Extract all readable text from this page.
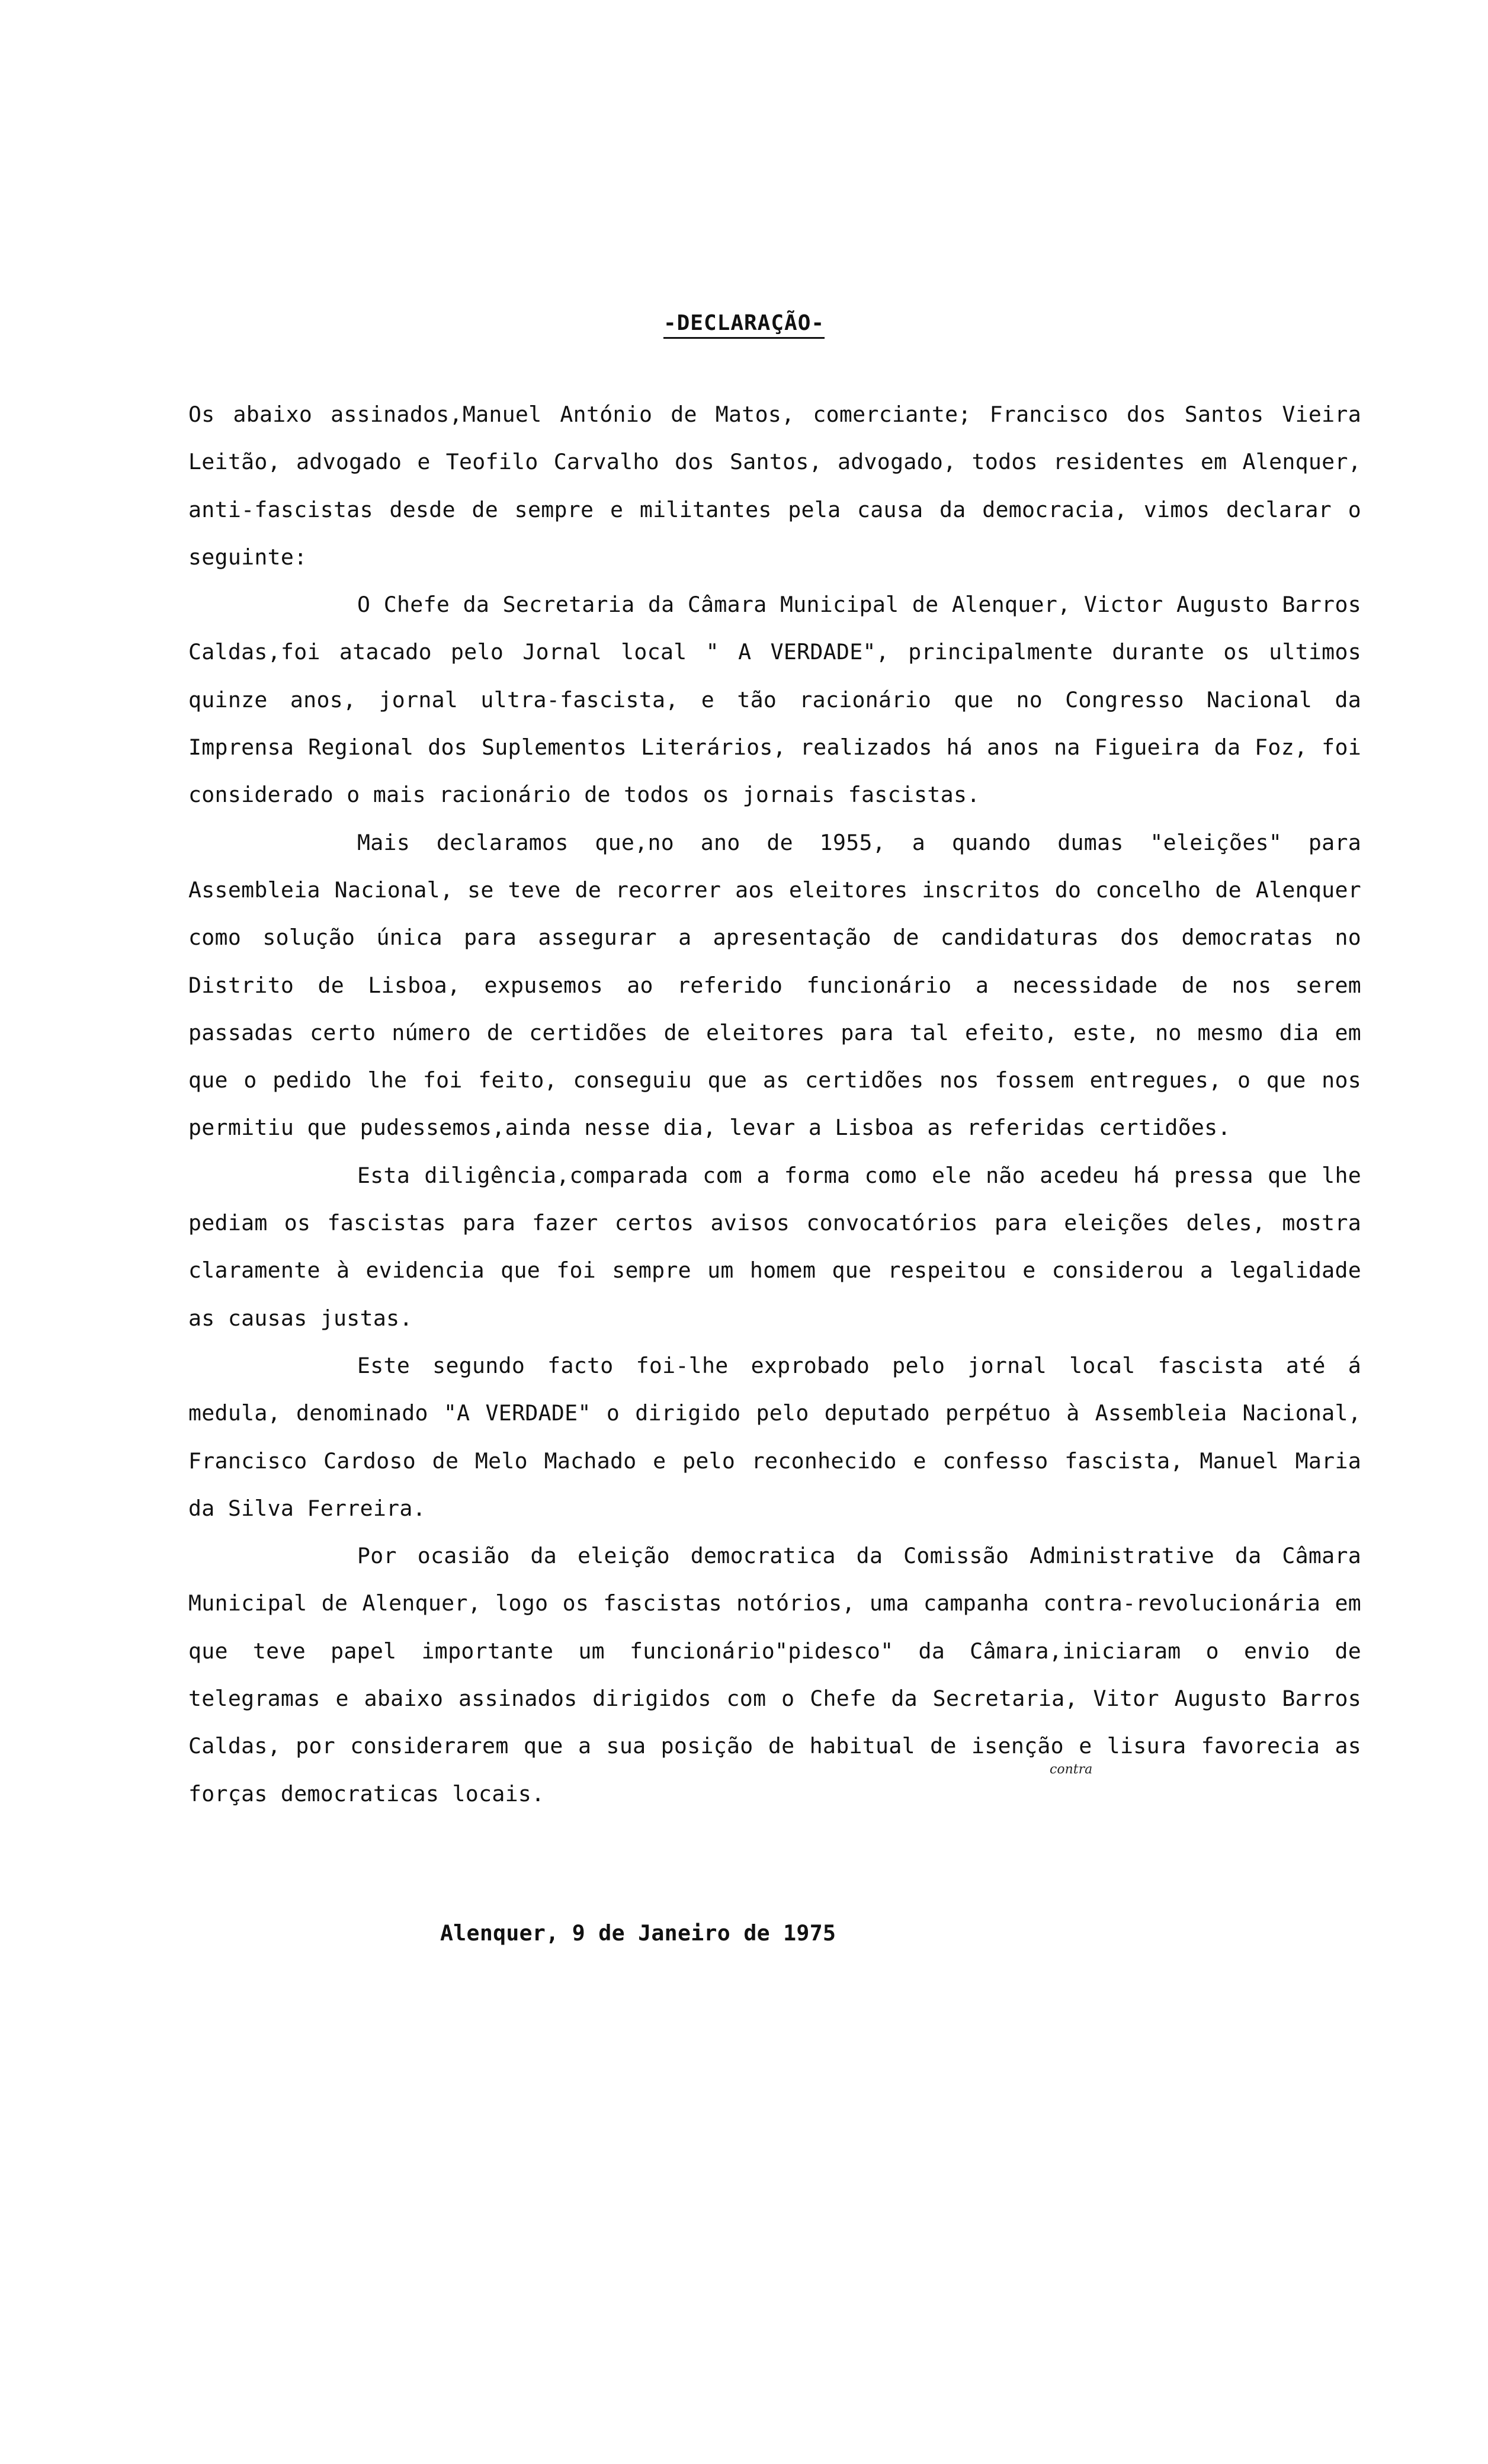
-DECLARAÇÃO-

Os abaixo assinados,Manuel António de Matos, comerciante; Francisco dos Santos Vieira Leitão, advogado e Teofilo Carvalho dos Santos, advogado, todos residentes em Alenquer, anti-fascistas desde de sempre e militantes pela causa da democracia, vimos declarar o seguinte:

O Chefe da Secretaria da Câmara Municipal de Alenquer, Victor Augusto Barros Caldas,foi atacado pelo Jornal local " A VERDADE", principalmente durante os ultimos quinze anos, jornal ultra-fascista, e tão racionário que no Congresso Nacional da Imprensa Regional dos Suplementos Literários, realizados há anos na Figueira da Foz, foi considerado o mais racionário de todos os jornais fascistas.

Mais declaramos que,no ano de 1955, a quando dumas "eleições" para Assembleia Nacional, se teve de recorrer aos eleitores inscritos do concelho de Alenquer como solução única para assegurar a apresentação de candidaturas dos democratas no Distrito de Lisboa, expusemos ao referido funcionário a necessidade de nos serem passadas certo número de certidões de eleitores para tal efeito, este, no mesmo dia em que o pedido lhe foi feito, conseguiu que as certidões nos fossem entregues, o que nos permitiu que pudessemos,ainda nesse dia, levar a Lisboa as referidas certidões.

Esta diligência,comparada com a forma como ele não acedeu há pressa que lhe pediam os fascistas para fazer certos avisos convocatórios para eleições deles, mostra claramente à evidencia que foi sempre um homem que respeitou e considerou a legalidade as causas justas.

Este segundo facto foi-lhe exprobado pelo jornal local fascista até á medula, denominado "A VERDADE" o dirigido pelo deputado perpétuo à Assembleia Nacional, Francisco Cardoso de Melo Machado e pelo reconhecido e confesso fascista, Manuel Maria da Silva Ferreira.

Por ocasião da eleição democratica da Comissão Administrative da Câmara Municipal de Alenquer, logo os fascistas notórios, uma campanha contra-revolucionária em que teve papel importante um funcionário"pidesco" da Câmara,iniciaram o envio de telegramas e abaixo assinados dirigidos com o Chefe da Secretaria, Vitor Augusto Barros Caldas, por considerarem que a sua posição de habitual de isenção e lisura favorecia as forças democraticas locais.

contra
Alenquer, 9 de Janeiro de 1975
